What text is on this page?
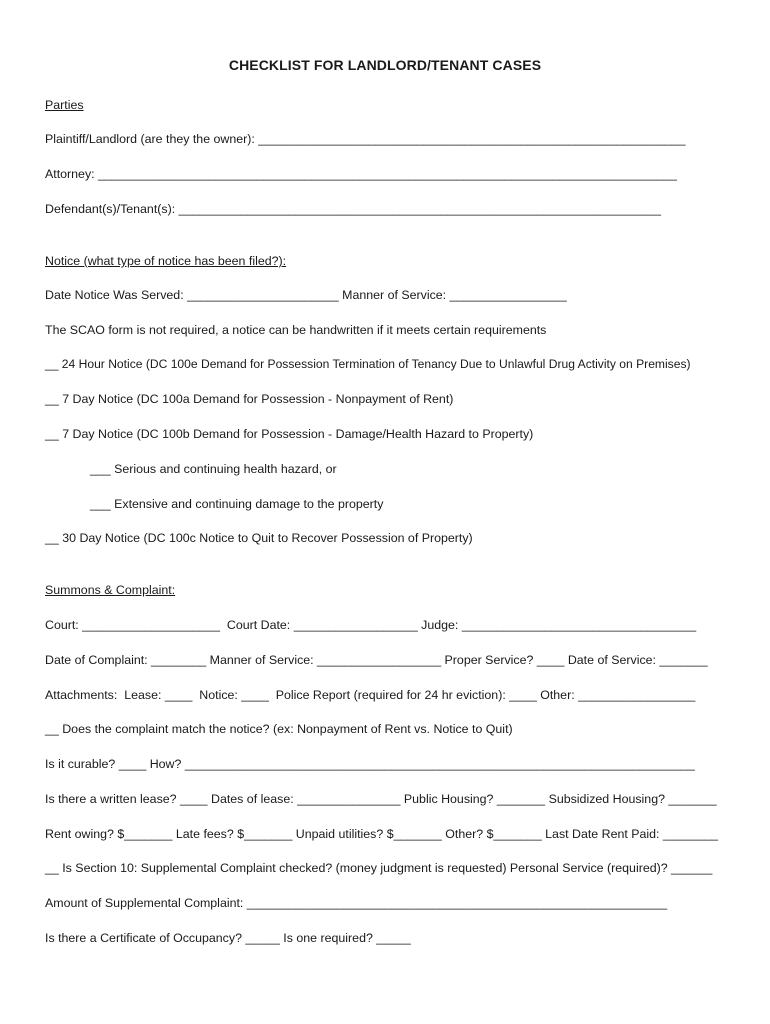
CHECKLIST FOR LANDLORD/TENANT CASES
Parties
Plaintiff/Landlord (are they the owner): ______________________________________________________________
Attorney: ____________________________________________________________________________________
Defendant(s)/Tenant(s): ______________________________________________________________________
Notice (what type of notice has been filed?):
Date Notice Was Served: ______________________ Manner of Service: _________________
The SCAO form is not required, a notice can be handwritten if it meets certain requirements
__ 24 Hour Notice (DC 100e Demand for Possession Termination of Tenancy Due to Unlawful Drug Activity on Premises)
__ 7 Day Notice (DC 100a Demand for Possession - Nonpayment of Rent)
__ 7 Day Notice (DC 100b Demand for Possession - Damage/Health Hazard to Property)
___ Serious and continuing health hazard, or
___ Extensive and continuing damage to the property
__ 30 Day Notice (DC 100c Notice to Quit to Recover Possession of Property)
Summons & Complaint:
Court: ____________________  Court Date: __________________ Judge: __________________________________
Date of Complaint: ________ Manner of Service: __________________ Proper Service? ____ Date of Service: _______
Attachments:  Lease: ____  Notice: ____  Police Report (required for 24 hr eviction): ____ Other: _________________
__ Does the complaint match the notice? (ex: Nonpayment of Rent vs. Notice to Quit)
Is it curable? ____ How? __________________________________________________________________________
Is there a written lease? ____ Dates of lease: _______________ Public Housing? _______ Subsidized Housing? _______
Rent owing? $_______ Late fees? $_______ Unpaid utilities? $_______ Other? $_______ Last Date Rent Paid: ________
__ Is Section 10: Supplemental Complaint checked? (money judgment is requested) Personal Service (required)? ______
Amount of Supplemental Complaint: _____________________________________________________________
Is there a Certificate of Occupancy? _____ Is one required? _____
